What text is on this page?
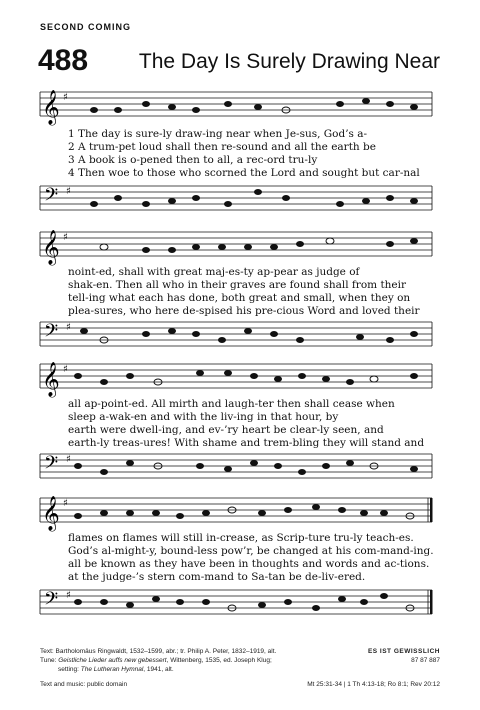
SECOND COMING
488 The Day Is Surely Drawing Near
𝄞 ♯
1 The day is sure-ly draw-ing near when Je-sus, God’s a-
2 A trum-pet loud shall then re-sound and all the earth be
3 A book is o-pened then to all, a rec-ord tru-ly
4 Then woe to those who scorned the Lord and sought but car-nal
𝄢 ♯
𝄞 ♯
noint-ed, shall with great maj-es-ty ap-pear as judge of
shak-en. Then all who in their graves are found shall from their
tell-ing what each has done, both great and small, when they on
plea-sures, who here de-spised his pre-cious Word and loved their
𝄢 ♯
𝄞 ♯
all ap-point-ed. All mirth and laugh-ter then shall cease when
sleep a-wak-en and with the liv-ing in that hour, by
earth were dwell-ing, and ev-’ry heart be clear-ly seen, and
earth-ly treas-ures! With shame and trem-bling they will stand and
𝄢 ♯
𝄞 ♯
flames on flames will still in-crease, as Scrip-ture tru-ly teach-es.
God’s al-might-y, bound-less pow’r, be changed at his com-mand-ing.
all be known as they have been in thoughts and words and ac-tions.
at the judge-’s stern com-mand to Sa-tan be de-liv-ered.
𝄢 ♯
Text: Bartholomäus Ringwaldt, 1532–1599, abr.; tr. Philip A. Peter, 1832–1919, alt.
Tune: Geistliche Lieder auffs new gebessert, Wittenberg, 1535, ed. Joseph Klug;
setting: The Lutheran Hymnal, 1941, alt.
Text and music: public domain
ES IST GEWISSLICH
87 87 887
Mt 25:31-34 | 1 Th 4:13-18; Ro 8:1; Rev 20:12
